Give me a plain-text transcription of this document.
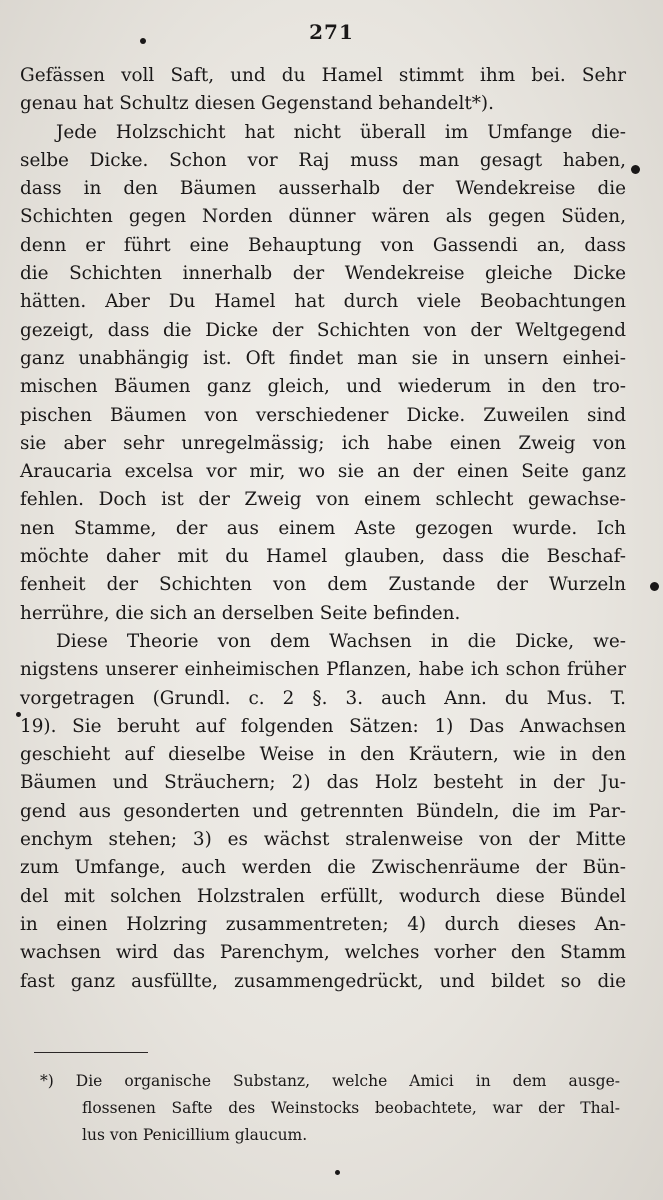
271
Gefässen voll Saft, und du Hamel stimmt ihm bei. Sehr
genau hat Schultz diesen Gegenstand behandelt*).
Jede Holzschicht hat nicht überall im Umfange die-
selbe Dicke. Schon vor Raj muss man gesagt haben,
dass in den Bäumen ausserhalb der Wendekreise die
Schichten gegen Norden dünner wären als gegen Süden,
denn er führt eine Behauptung von Gassendi an, dass
die Schichten innerhalb der Wendekreise gleiche Dicke
hätten. Aber Du Hamel hat durch viele Beobachtungen
gezeigt, dass die Dicke der Schichten von der Weltgegend
ganz unabhängig ist. Oft findet man sie in unsern einhei-
mischen Bäumen ganz gleich, und wiederum in den tro-
pischen Bäumen von verschiedener Dicke. Zuweilen sind
sie aber sehr unregelmässig; ich habe einen Zweig von
Araucaria excelsa vor mir, wo sie an der einen Seite ganz
fehlen. Doch ist der Zweig von einem schlecht gewachse-
nen Stamme, der aus einem Aste gezogen wurde. Ich
möchte daher mit du Hamel glauben, dass die Beschaf-
fenheit der Schichten von dem Zustande der Wurzeln
herrühre, die sich an derselben Seite befinden.
Diese Theorie von dem Wachsen in die Dicke, we-
nigstens unserer einheimischen Pflanzen, habe ich schon früher
vorgetragen (Grundl. c. 2 §. 3. auch Ann. du Mus. T.
19). Sie beruht auf folgenden Sätzen: 1) Das Anwachsen
geschieht auf dieselbe Weise in den Kräutern, wie in den
Bäumen und Sträuchern; 2) das Holz besteht in der Ju-
gend aus gesonderten und getrennten Bündeln, die im Par-
enchym stehen; 3) es wächst stralenweise von der Mitte
zum Umfange, auch werden die Zwischenräume der Bün-
del mit solchen Holzstralen erfüllt, wodurch diese Bündel
in einen Holzring zusammentreten; 4) durch dieses An-
wachsen wird das Parenchym, welches vorher den Stamm
fast ganz ausfüllte, zusammengedrückt, und bildet so die
*) Die organische Substanz, welche Amici in dem ausge-
flossenen Safte des Weinstocks beobachtete, war der Thal-
lus von Penicillium glaucum.
